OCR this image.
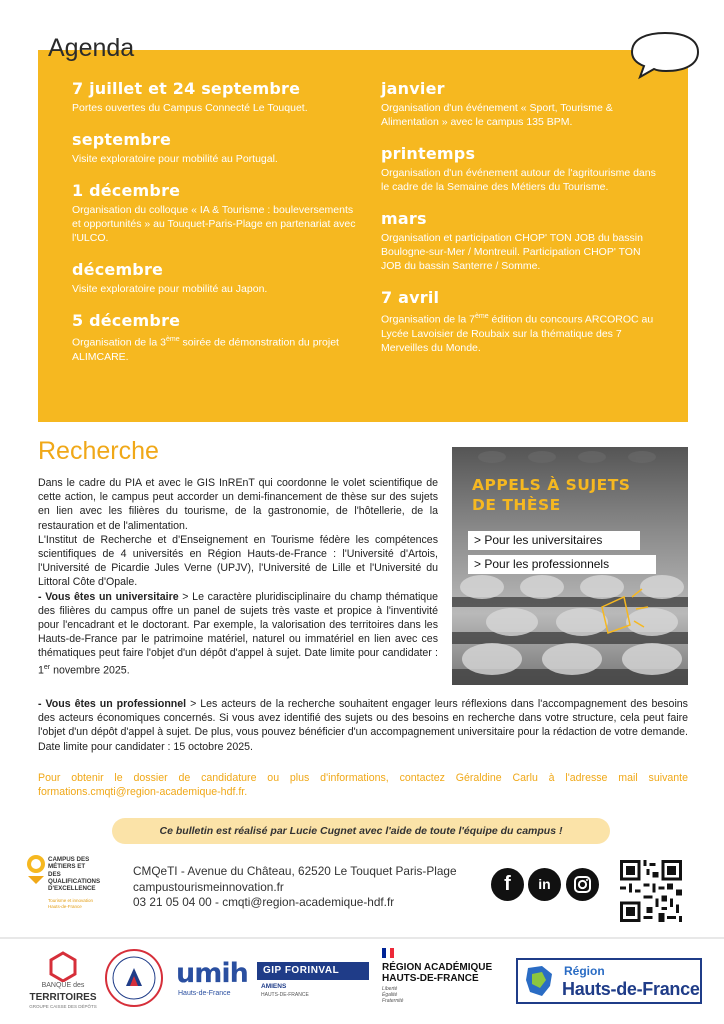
Agenda
7 juillet et 24 septembre
Portes ouvertes du Campus Connecté Le Touquet.
septembre
Visite exploratoire pour mobilité au Portugal.
1 décembre
Organisation du colloque « IA & Tourisme : bouleversements et opportunités » au Touquet-Paris-Plage en partenariat avec l'ULCO.
décembre
Visite exploratoire pour mobilité au Japon.
5 décembre
Organisation de la 3ème soirée de démonstration du projet ALIMCARE.
janvier
Organisation d'un événement « Sport, Tourisme & Alimentation » avec le campus 135 BPM.
printemps
Organisation d'un événement autour de l'agritourisme dans le cadre de la Semaine des Métiers du Tourisme.
mars
Organisation et participation CHOP' TON JOB du bassin Boulogne-sur-Mer / Montreuil. Participation CHOP' TON JOB du bassin Santerre / Somme.
7 avril
Organisation de la 7ème édition du concours ARCOROC au Lycée Lavoisier de Roubaix sur la thématique des 7 Merveilles du Monde.
Recherche
Dans le cadre du PIA et avec le GIS InREnT qui coordonne le volet scientifique de cette action, le campus peut accorder un demi-financement de thèse sur des sujets en lien avec les filières du tourisme, de la gastronomie, de l'hôtellerie, de la restauration et de l'alimentation.
L'Institut de Recherche et d'Enseignement en Tourisme fédère les compétences scientifiques de 4 universités en Région Hauts-de-France : l'Université d'Artois, l'Université de Picardie Jules Verne (UPJV), l'Université de Lille et l'Université du Littoral Côte d'Opale.
- Vous êtes un universitaire > Le caractère pluridisciplinaire du champ thématique des filières du campus offre un panel de sujets très vaste et propice à l'inventivité pour l'encadrant et le doctorant. Par exemple, la valorisation des territoires dans les Hauts-de-France par le patrimoine matériel, naturel ou immatériel en lien avec ces thématiques peut faire l'objet d'un dépôt d'appel à sujet. Date limite pour candidater : 1er novembre 2025.
- Vous êtes un professionnel > Les acteurs de la recherche souhaitent engager leurs réflexions dans l'accompagnement des besoins des acteurs économiques concernés. Si vous avez identifié des sujets ou des besoins en recherche dans votre structure, cela peut faire l'objet d'un dépôt d'appel à sujet. De plus, vous pouvez bénéficier d'un accompagnement universitaire pour la rédaction de votre demande. Date limite pour candidater : 15 octobre 2025.
Pour obtenir le dossier de candidature ou plus d'informations, contactez Géraldine Carlu à l'adresse mail suivante formations.cmqti@region-academique-hdf.fr.
APPELS À SUJETS
DE THÈSE
> Pour les universitaires
> Pour les professionnels
Ce bulletin est réalisé par Lucie Cugnet avec l'aide de toute l'équipe du campus !
CAMPUS DES MÉTIERS ET DES QUALIFICATIONS D'EXCELLENCE
Tourisme et innovation Hauts-de-France
CMQeTI - Avenue du Château, 62520 Le Touquet Paris-Plage
campustourismeinnovation.fr
03 21 05 04 00 - cmqti@region-academique-hdf.fr
f	in
BANQUE des
TERRITOIRES
GROUPE CAISSE DES DÉPÔTS
umih
Hauts-de-France
GIP FORINVAL
AMIENS
HAUTS-DE-FRANCE
RÉGION ACADÉMIQUE
HAUTS-DE-FRANCE
Liberté
Égalité
Fraternité
Région
Hauts-de-France
